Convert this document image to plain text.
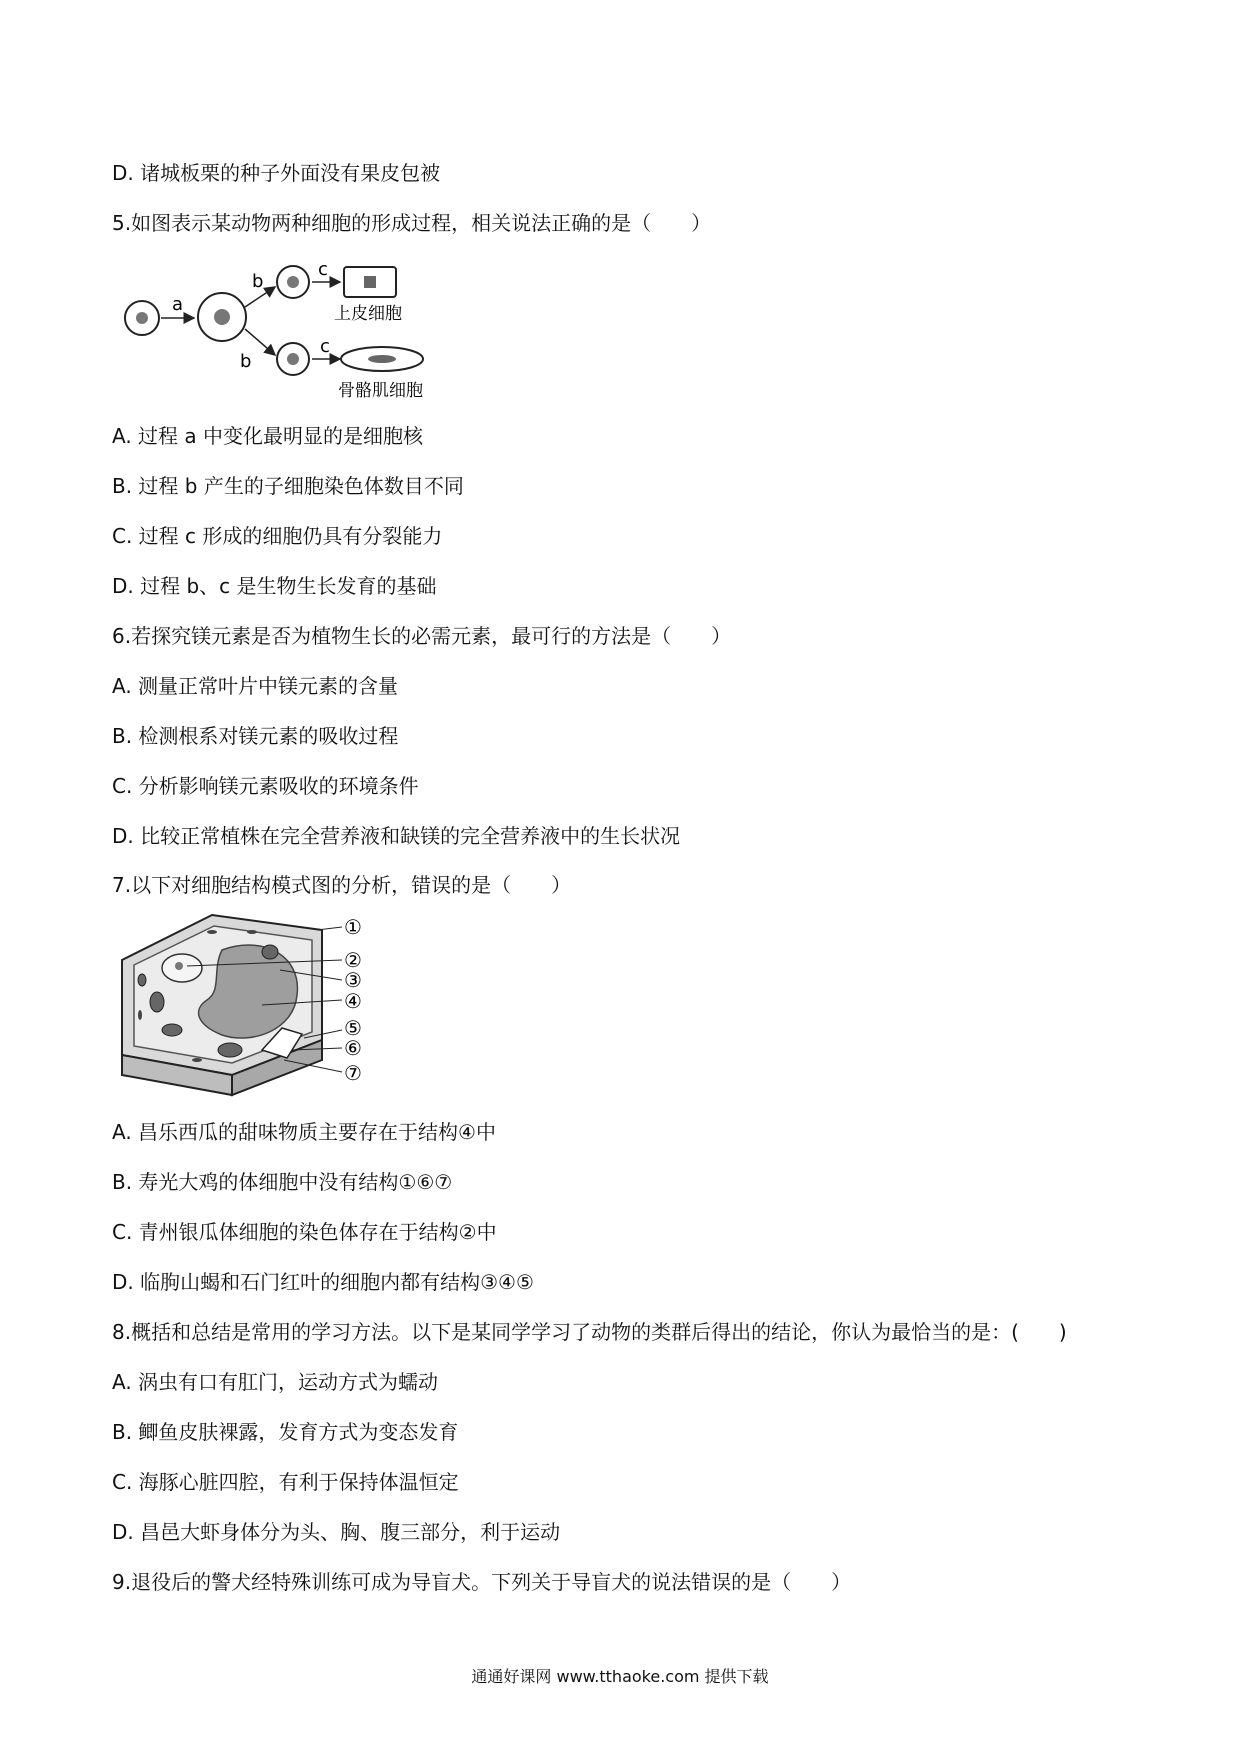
D. 诸城板栗的种子外面没有果皮包被
5.如图表示某动物两种细胞的形成过程，相关说法正确的是（　　）
a
b
b
c
上皮细胞
c
骨骼肌细胞
A. 过程 a 中变化最明显的是细胞核
B. 过程 b 产生的子细胞染色体数目不同
C. 过程 c 形成的细胞仍具有分裂能力
D. 过程 b、c 是生物生长发育的基础
6.若探究镁元素是否为植物生长的必需元素，最可行的方法是（　　）
A. 测量正常叶片中镁元素的含量
B. 检测根系对镁元素的吸收过程
C. 分析影响镁元素吸收的环境条件
D. 比较正常植株在完全营养液和缺镁的完全营养液中的生长状况
7.以下对细胞结构模式图的分析，错误的是（　　）
①
②
③
④
⑤
⑥
⑦
A. 昌乐西瓜的甜味物质主要存在于结构④中
B. 寿光大鸡的体细胞中没有结构①⑥⑦
C. 青州银瓜体细胞的染色体存在于结构②中
D. 临朐山蝎和石门红叶的细胞内都有结构③④⑤
8.概括和总结是常用的学习方法。以下是某同学学习了动物的类群后得出的结论，你认为最恰当的是：(　　)
A. 涡虫有口有肛门，运动方式为蠕动
B. 鲫鱼皮肤裸露，发育方式为变态发育
C. 海豚心脏四腔，有利于保持体温恒定
D. 昌邑大虾身体分为头、胸、腹三部分，利于运动
9.退役后的警犬经特殊训练可成为导盲犬。下列关于导盲犬的说法错误的是（　　）
通通好课网 www.tthaoke.com 提供下载
